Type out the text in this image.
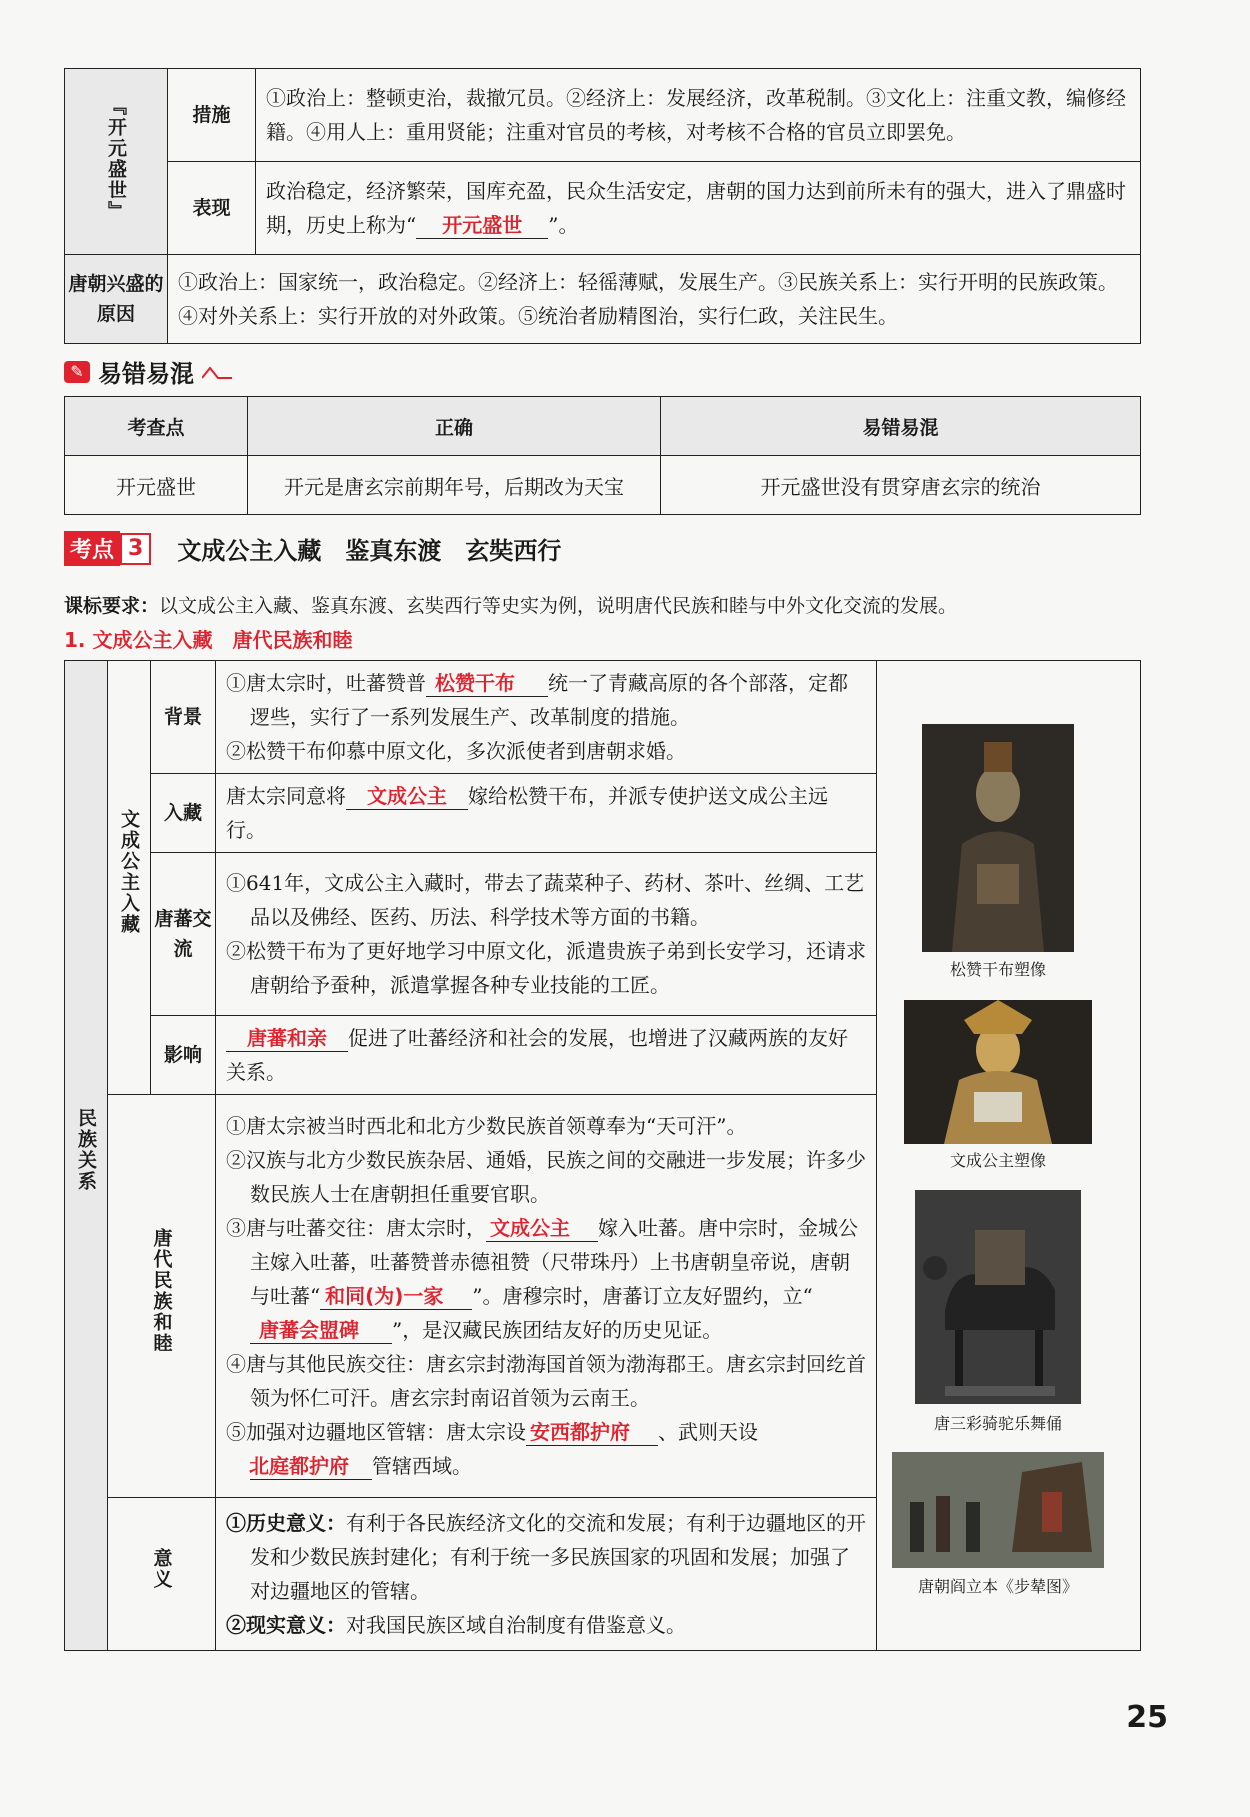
『开元盛世』	措施	①政治上：整顿吏治，裁撤冗员。②经济上：发展经济，改革税制。③文化上：注重文教，编修经籍。④用人上：重用贤能；注重对官员的考核，对考核不合格的官员立即罢免。
	表现	政治稳定，经济繁荣，国库充盈，民众生活安定，唐朝的国力达到前所未有的强大，进入了鼎盛时期，历史上称为“ 开元盛世 ”。
唐朝兴盛的原因	①政治上：国家统一，政治稳定。②经济上：轻徭薄赋，发展生产。③民族关系上：实行开明的民族政策。④对外关系上：实行开放的对外政策。⑤统治者励精图治，实行仁政，关注民生。	
✎ 易错易混
考查点	正确	易错易混
开元盛世	开元是唐玄宗前期年号，后期改为天宝	开元盛世没有贯穿唐玄宗的统治
考点 3	文成公主入藏　鉴真东渡　玄奘西行
课标要求：以文成公主入藏、鉴真东渡、玄奘西行等史实为例，说明唐代民族和睦与中外文化交流的发展。
1. 文成公主入藏　唐代民族和睦
民族关系	文成公主入藏	背景	①唐太宗时，吐蕃赞普 松赞干布 统一了青藏高原的各个部落，定都逻些，实行了一系列发展生产、改革制度的措施。
②松赞干布仰慕中原文化，多次派使者到唐朝求婚。	

		入藏	唐太宗同意将 文成公主 嫁给松赞干布，并派专使护送文成公主远行。	
		唐蕃交流	①641年，文成公主入藏时，带去了蔬菜种子、药材、茶叶、丝绸、工艺品以及佛经、医药、历法、科学技术等方面的书籍。
②松赞干布为了更好地学习中原文化，派遣贵族子弟到长安学习，还请求唐朝给予蚕种，派遣掌握各种专业技能的工匠。	

		影响	唐蕃和亲 促进了吐蕃经济和社会的发展，也增进了汉藏两族的友好关系。	
	唐代民族和睦		①唐太宗被当时西北和北方少数民族首领尊奉为“天可汗”。
②汉族与北方少数民族杂居、通婚，民族之间的交融进一步发展；许多少数民族人士在唐朝担任重要官职。
③唐与吐蕃交往：唐太宗时， 文成公主 嫁入吐蕃。唐中宗时，金城公主嫁入吐蕃，吐蕃赞普赤德祖赞（尺带珠丹）上书唐朝皇帝说，唐朝与吐蕃“ 和同(为)一家 ”。唐穆宗时，唐蕃订立友好盟约，立“唐蕃会盟碑 ”，是汉藏民族团结友好的历史见证。
④唐与其他民族交往：唐玄宗封渤海国首领为渤海郡王。唐玄宗封回纥首领为怀仁可汗。唐玄宗封南诏首领为云南王。
⑤加强对边疆地区管辖：唐太宗设 安西都护府 、武则天设北庭都护府 管辖西域。	

	意义		①历史意义：有利于各民族经济文化的交流和发展；有利于边疆地区的开发和少数民族封建化；有利于统一多民族国家的巩固和发展；加强了对边疆地区的管辖。
②现实意义：对我国民族区域自治制度有借鉴意义。	
松赞干布塑像
文成公主塑像
唐三彩骑驼乐舞俑
唐朝阎立本《步辇图》
25
